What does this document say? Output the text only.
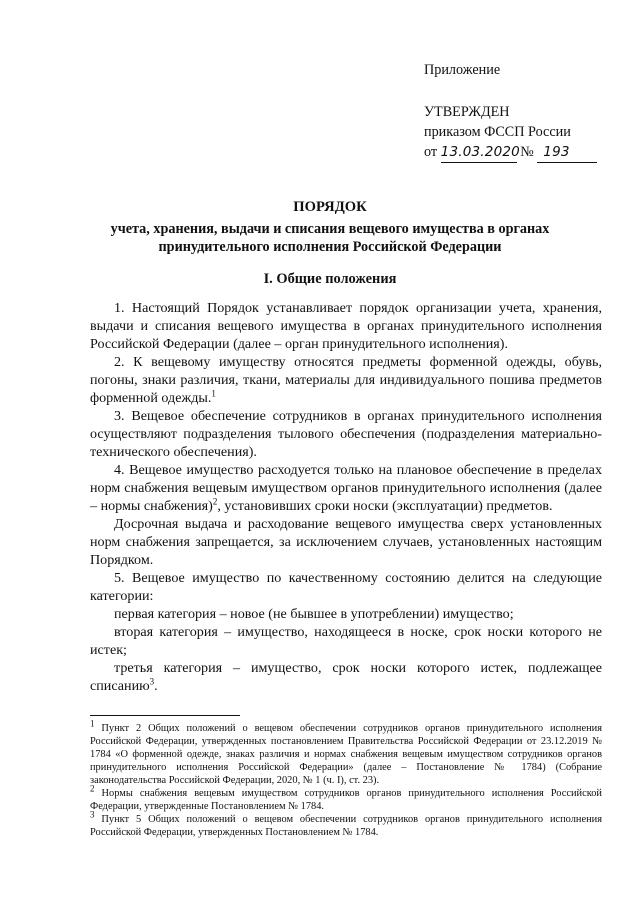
Приложение
УТВЕРЖДЕН
приказом ФССП России
от 13.03.2020 № 193
ПОРЯДОК
учета, хранения, выдачи и списания вещевого имущества в органах
принудительного исполнения Российской Федерации
I. Общие положения

1. Настоящий Порядок устанавливает порядок организации учета, хранения, выдачи и списания вещевого имущества в органах принудительного исполнения Российской Федерации (далее – орган принудительного исполнения).

2. К вещевому имуществу относятся предметы форменной одежды, обувь, погоны, знаки различия, ткани, материалы для индивидуального пошива предметов форменной одежды.$^1$

3. Вещевое обеспечение сотрудников в органах принудительного исполнения осуществляют подразделения тылового обеспечения (подразделения материально-технического обеспечения).

4. Вещевое имущество расходуется только на плановое обеспечение в пределах норм снабжения вещевым имуществом органов принудительного исполнения (далее – нормы снабжения)$^2$, установивших сроки носки (эксплуатации) предметов.

Досрочная выдача и расходование вещевого имущества сверх установленных норм снабжения запрещается, за исключением случаев, установленных настоящим Порядком.

5. Вещевое имущество по качественному состоянию делится на следующие категории:

первая категория – новое (не бывшее в употреблении) имущество;

вторая категория – имущество, находящееся в носке, срок носки которого не истек;

третья категория – имущество, срок носки которого истек, подлежащее списанию$^3$.

$^1$ Пункт 2 Общих положений о вещевом обеспечении сотрудников органов принудительного исполнения Российской Федерации, утвержденных постановлением Правительства Российской Федерации от 23.12.2019 № 1784 «О форменной одежде, знаках различия и нормах снабжения вещевым имуществом сотрудников органов принудительного исполнения Российской Федерации» (далее – Постановление № 1784) (Собрание законодательства Российской Федерации, 2020, № 1 (ч. I), ст. 23).

$^2$ Нормы снабжения вещевым имуществом сотрудников органов принудительного исполнения Российской Федерации, утвержденные Постановлением № 1784.

$^3$ Пункт 5 Общих положений о вещевом обеспечении сотрудников органов принудительного исполнения Российской Федерации, утвержденных Постановлением № 1784.
